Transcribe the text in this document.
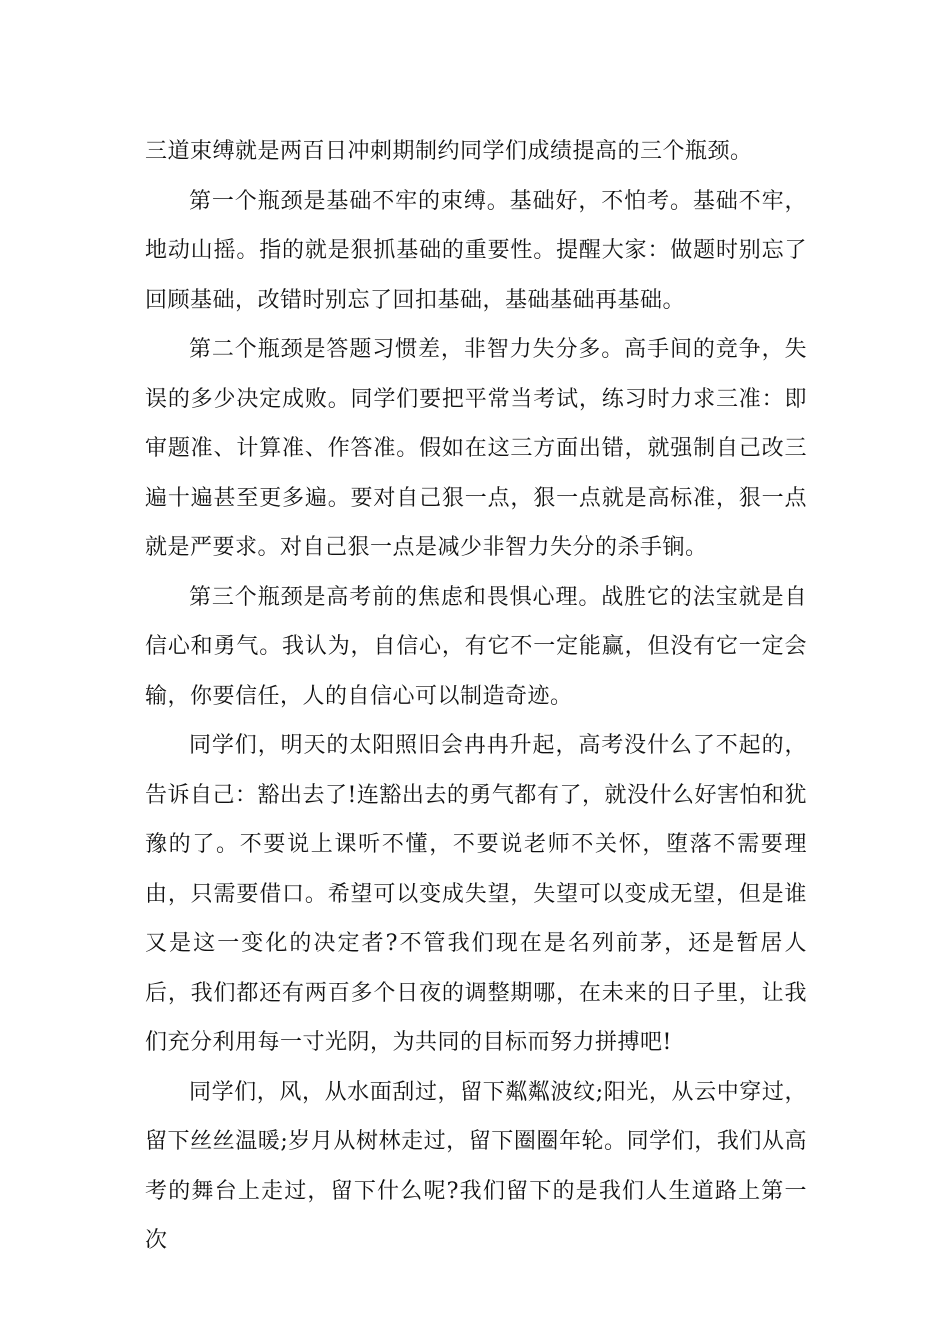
三道束缚就是两百日冲刺期制约同学们成绩提高的三个瓶颈。

第一个瓶颈是基础不牢的束缚。基础好，不怕考。基础不牢，地动山摇。指的就是狠抓基础的重要性。提醒大家：做题时别忘了回顾基础，改错时别忘了回扣基础，基础基础再基础。

第二个瓶颈是答题习惯差，非智力失分多。高手间的竞争，失误的多少决定成败。同学们要把平常当考试，练习时力求三准：即审题准、计算准、作答准。假如在这三方面出错，就强制自己改三遍十遍甚至更多遍。要对自己狠一点，狠一点就是高标准，狠一点就是严要求。对自己狠一点是减少非智力失分的杀手锏。

第三个瓶颈是高考前的焦虑和畏惧心理。战胜它的法宝就是自信心和勇气。我认为，自信心，有它不一定能赢，但没有它一定会输，你要信任，人的自信心可以制造奇迹。

同学们，明天的太阳照旧会冉冉升起，高考没什么了不起的，告诉自己：豁出去了!连豁出去的勇气都有了，就没什么好害怕和犹豫的了。不要说上课听不懂，不要说老师不关怀，堕落不需要理由，只需要借口。希望可以变成失望，失望可以变成无望，但是谁又是这一变化的决定者?不管我们现在是名列前茅，还是暂居人后，我们都还有两百多个日夜的调整期哪，在未来的日子里，让我们充分利用每一寸光阴，为共同的目标而努力拼搏吧!

同学们，风，从水面刮过，留下粼粼波纹;阳光，从云中穿过，留下丝丝温暖;岁月从树林走过，留下圈圈年轮。同学们，我们从高考的舞台上走过，留下什么呢?我们留下的是我们人生道路上第一次
